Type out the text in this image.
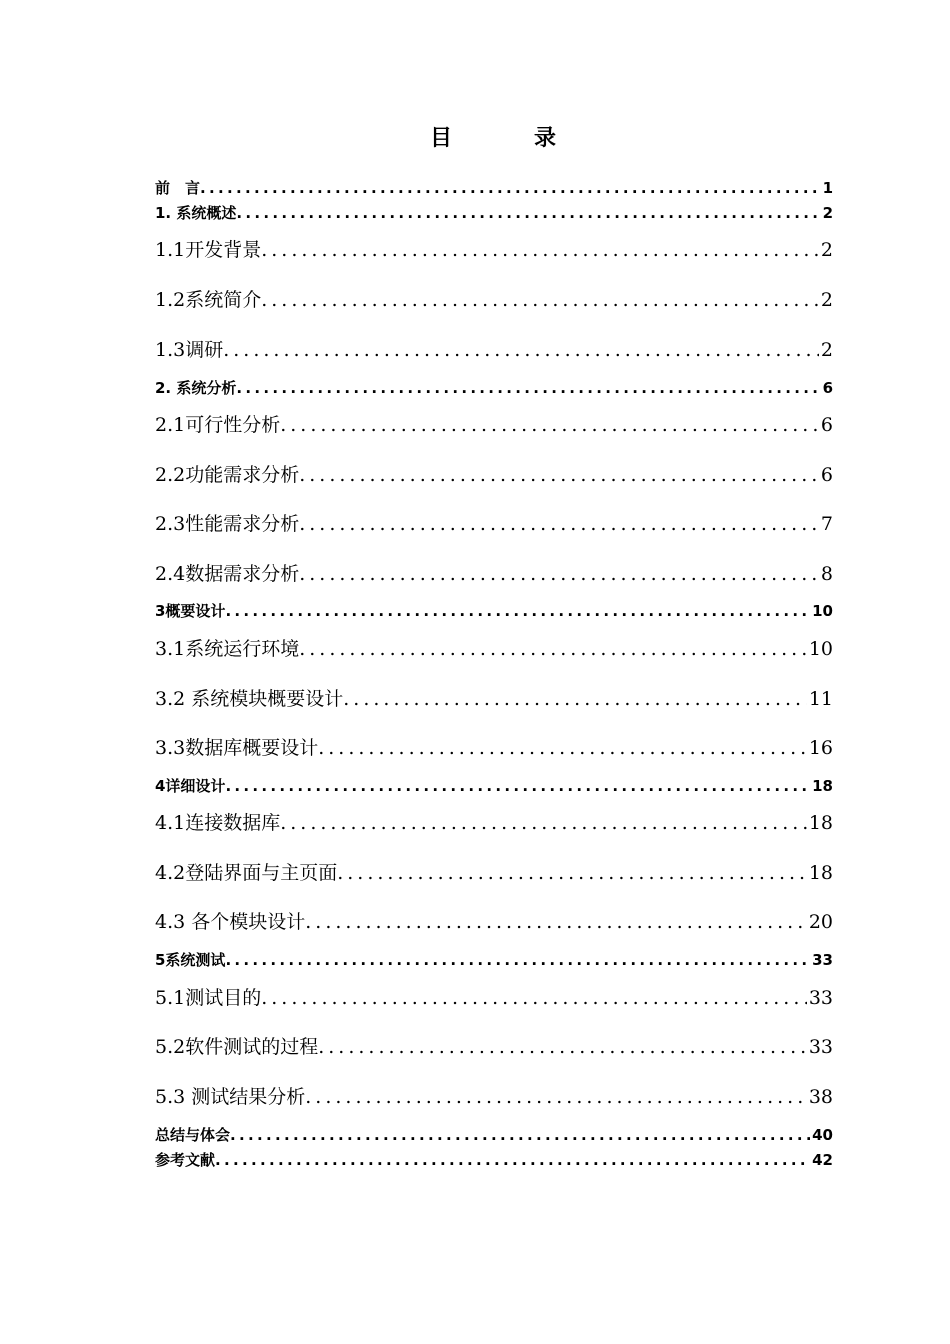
目　录
前　言 .....	1
1. 系统概述 .....	2
1.1开发背景 .....	2
1.2系统简介 .....	2
1.3调研 .....	2
2. 系统分析 .....	6
2.1可行性分析 .....	6
2.2功能需求分析 .....	6
2.3性能需求分析 .....	7
2.4数据需求分析 .....	8
3概要设计 .....	10
3.1系统运行环境 .....	10
3.2 系统模块概要设计 .....	11
3.3数据库概要设计 .....	16
4详细设计 .....	18
4.1连接数据库 .....	18
4.2登陆界面与主页面 .....	18
4.3 各个模块设计 .....	20
5系统测试 .....	33
5.1测试目的 .....	33
5.2软件测试的过程 .....	33
5.3 测试结果分析 .....	38
总结与体会 .....	40
参考文献 .....	42
